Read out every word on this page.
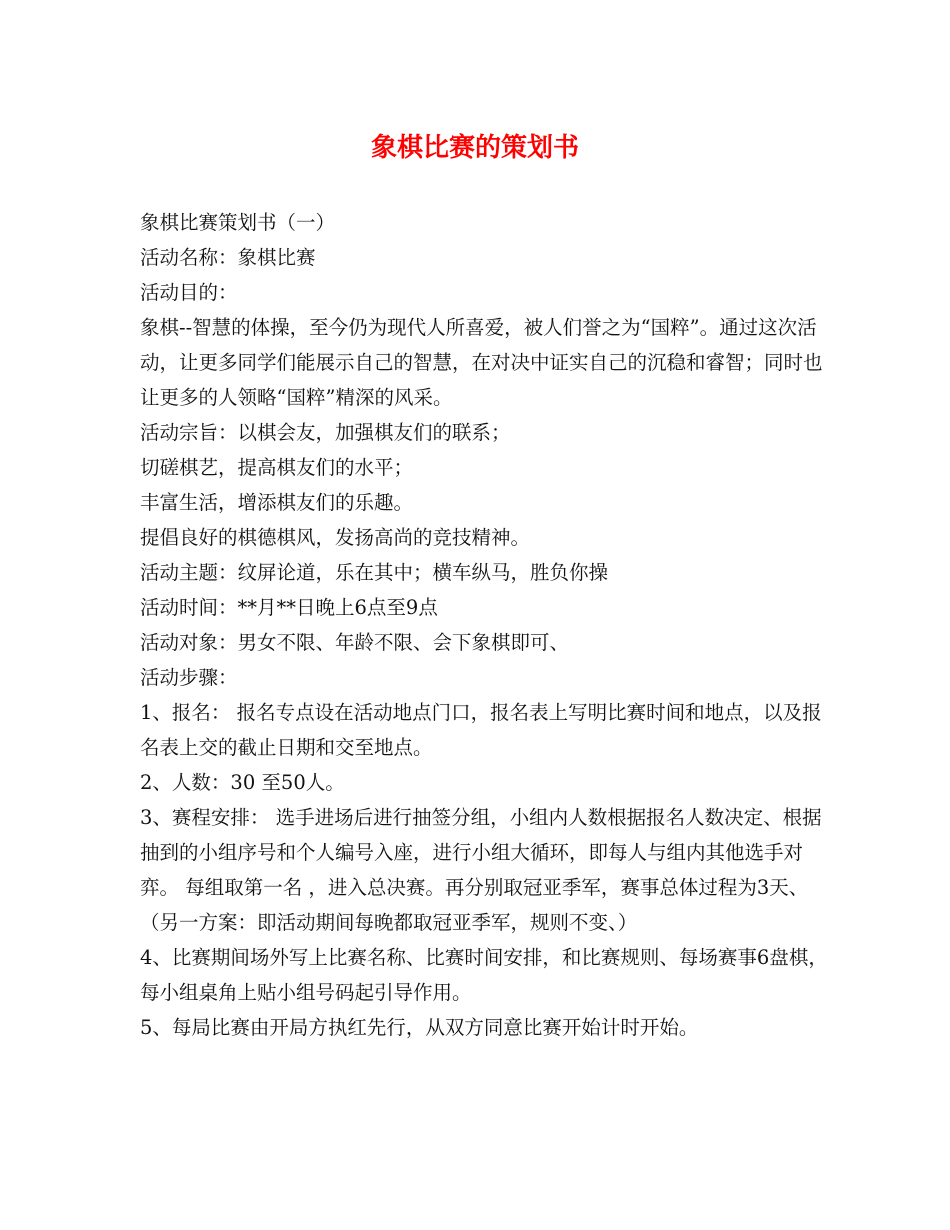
象棋比赛的策划书

象棋比赛策划书（一）

活动名称：象棋比赛

活动目的：

象棋--智慧的体操，至今仍为现代人所喜爱，被人们誉之为“国粹”。通过这次活动，让更多同学们能展示自己的智慧，在对决中证实自己的沉稳和睿智；同时也让更多的人领略“国粹”精深的风采。

活动宗旨：以棋会友，加强棋友们的联系；

切磋棋艺，提高棋友们的水平；

丰富生活，增添棋友们的乐趣。

提倡良好的棋德棋风，发扬高尚的竞技精神。

活动主题：纹屏论道，乐在其中；横车纵马，胜负你操

活动时间：**月**日晚上6点至9点

活动对象：男女不限、年龄不限、会下象棋即可、

活动步骤：

1、报名： 报名专点设在活动地点门口，报名表上写明比赛时间和地点，以及报名表上交的截止日期和交至地点。

2、人数：30 至50人。

3、赛程安排： 选手进场后进行抽签分组，小组内人数根据报名人数决定、根据抽到的小组序号和个人编号入座，进行小组大循环，即每人与组内其他选手对弈。 每组取第一名 ，进入总决赛。再分别取冠亚季军，赛事总体过程为3天、（另一方案：即活动期间每晚都取冠亚季军，规则不变、）

4、比赛期间场外写上比赛名称、比赛时间安排，和比赛规则、每场赛事6盘棋，每小组桌角上贴小组号码起引导作用。

5、每局比赛由开局方执红先行，从双方同意比赛开始计时开始。
